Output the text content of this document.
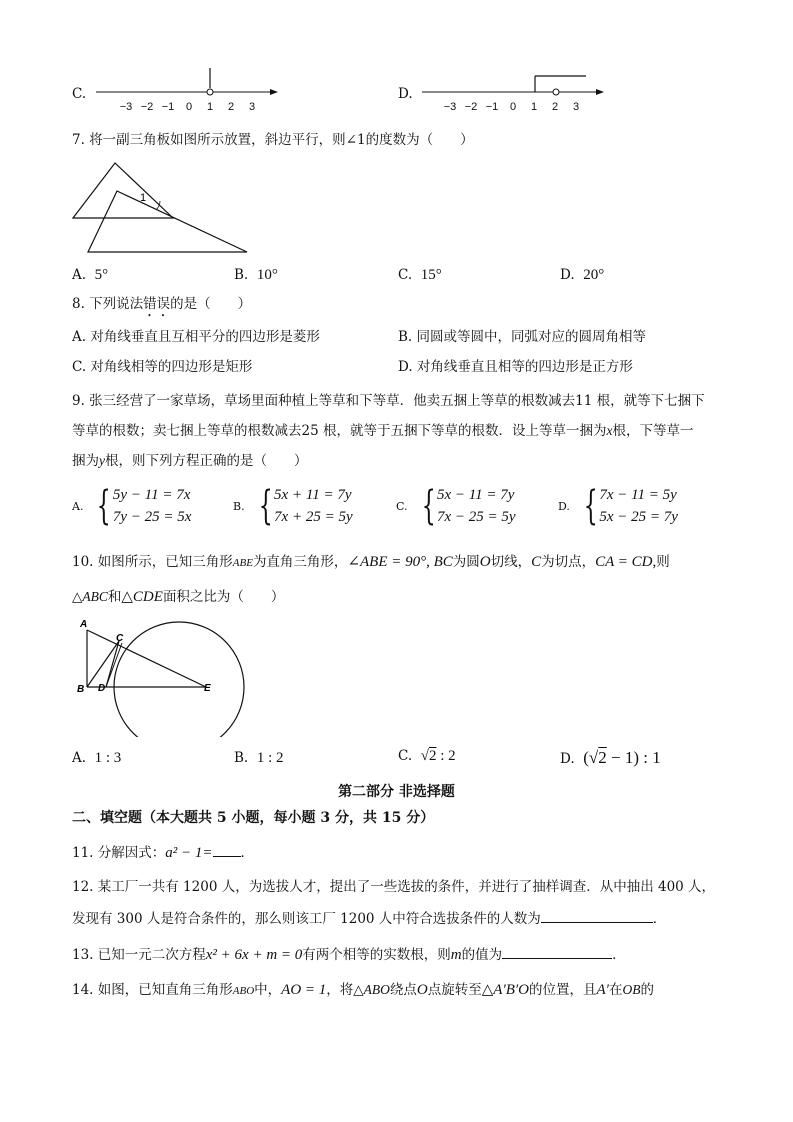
C.
−3 −2 −1 0 1 2 3
D.
−3 −2 −1 0 1 2 3
7. 将一副三角板如图所示放置，斜边平行，则∠1的度数为（　　）
1
A. 5°	B. 10°	C. 15°	D. 20°
8. 下列说法错误的是（　　）
A. 对角线垂直且互相平分的四边形是菱形	B. 同圆或等圆中，同弧对应的圆周角相等
C. 对角线相等的四边形是矩形	D. 对角线垂直且相等的四边形是正方形
9. 张三经营了一家草场，草场里面种植上等草和下等草．他卖五捆上等草的根数减去11 根，就等下七捆下
等草的根数；卖七捆上等草的根数减去25 根，就等于五捆下等草的根数．设上等草一捆为x根，下等草一
捆为y根，则下列方程正确的是（　　）
A. { 5y − 11 = 7x
7y − 25 = 5x
B. { 5x + 11 = 7y
7x + 25 = 5y
C. { 5x − 11 = 7y
7x − 25 = 5y
D. { 7x − 11 = 5y
5x − 25 = 7y
10. 如图所示，已知三角形ABE为直角三角形，∠ABE = 90°, BC为圆O切线，C为切点，CA = CD,则
△ABC和△CDE面积之比为（　　）
A
B
C
D	E
A. 1 : 3	B. 1 : 2	C. √2 : 2	D. (√2 − 1) : 1
第二部分 非选择题
二、填空题（本大题共 5 小题，每小题 3 分，共 15 分）
11. 分解因式：a² − 1= ．
12. 某工厂一共有 1200 人，为选拔人才，提出了一些选拔的条件，并进行了抽样调查．从中抽出 400 人，
发现有 300 人是符合条件的，那么则该工厂 1200 人中符合选拔条件的人数为	．
13. 已知一元二次方程x² + 6x + m = 0有两个相等的实数根，则m的值为	．
14. 如图，已知直角三角形ABO中，AO = 1，将△ABO绕点O点旋转至△A′B′O的位置，且A′在OB的
